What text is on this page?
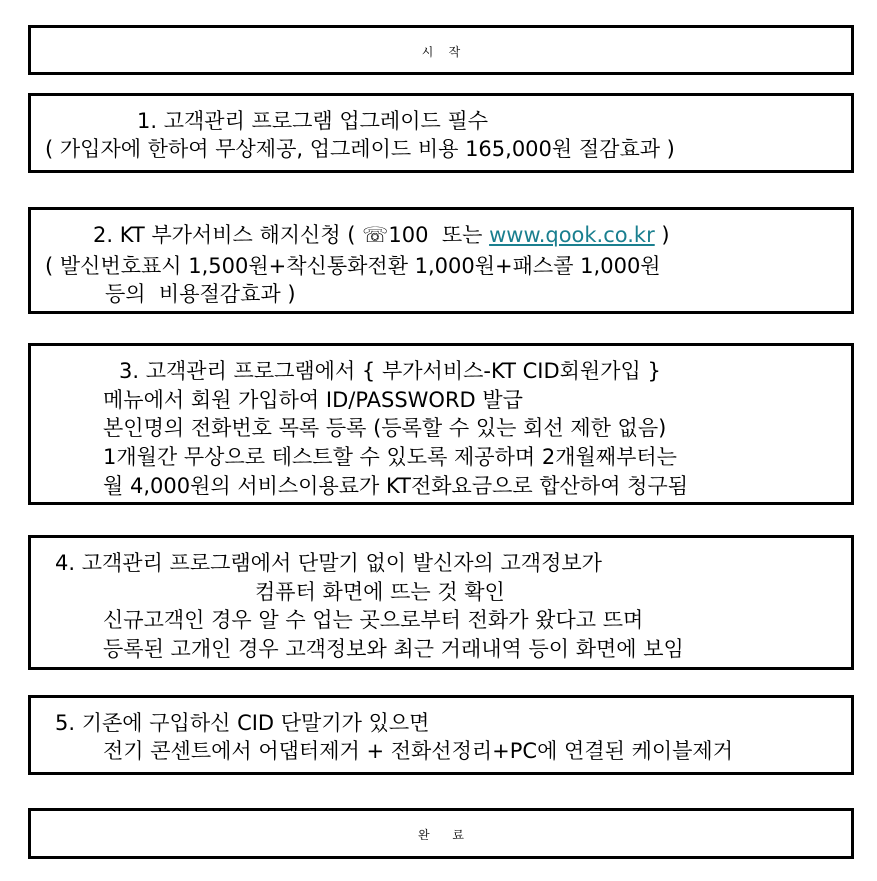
시    작
1. 고객관리 프로그램 업그레이드 필수
( 가입자에 한하여 무상제공, 업그레이드 비용 165,000원 절감효과 )
2. KT 부가서비스 해지신청 ( ☏100  또는 www.qook.co.kr )
( 발신번호표시 1,500원+착신통화전환 1,000원+패스콜 1,000원
등의  비용절감효과 )
3. 고객관리 프로그램에서 { 부가서비스-KT CID회원가입 }
메뉴에서 회원 가입하여 ID/PASSWORD 발급
본인명의 전화번호 목록 등록 (등록할 수 있는 회선 제한 없음)
1개월간 무상으로 테스트할 수 있도록 제공하며 2개월째부터는
월 4,000원의 서비스이용료가 KT전화요금으로 합산하여 청구됨
4. 고객관리 프로그램에서 단말기 없이 발신자의 고객정보가
컴퓨터 화면에 뜨는 것 확인
신규고객인 경우 알 수 업는 곳으로부터 전화가 왔다고 뜨며
등록된 고개인 경우 고객정보와 최근 거래내역 등이 화면에 보임
5. 기존에 구입하신 CID 단말기가 있으면
전기 콘센트에서 어댑터제거 + 전화선정리+PC에 연결된 케이블제거
완      료
